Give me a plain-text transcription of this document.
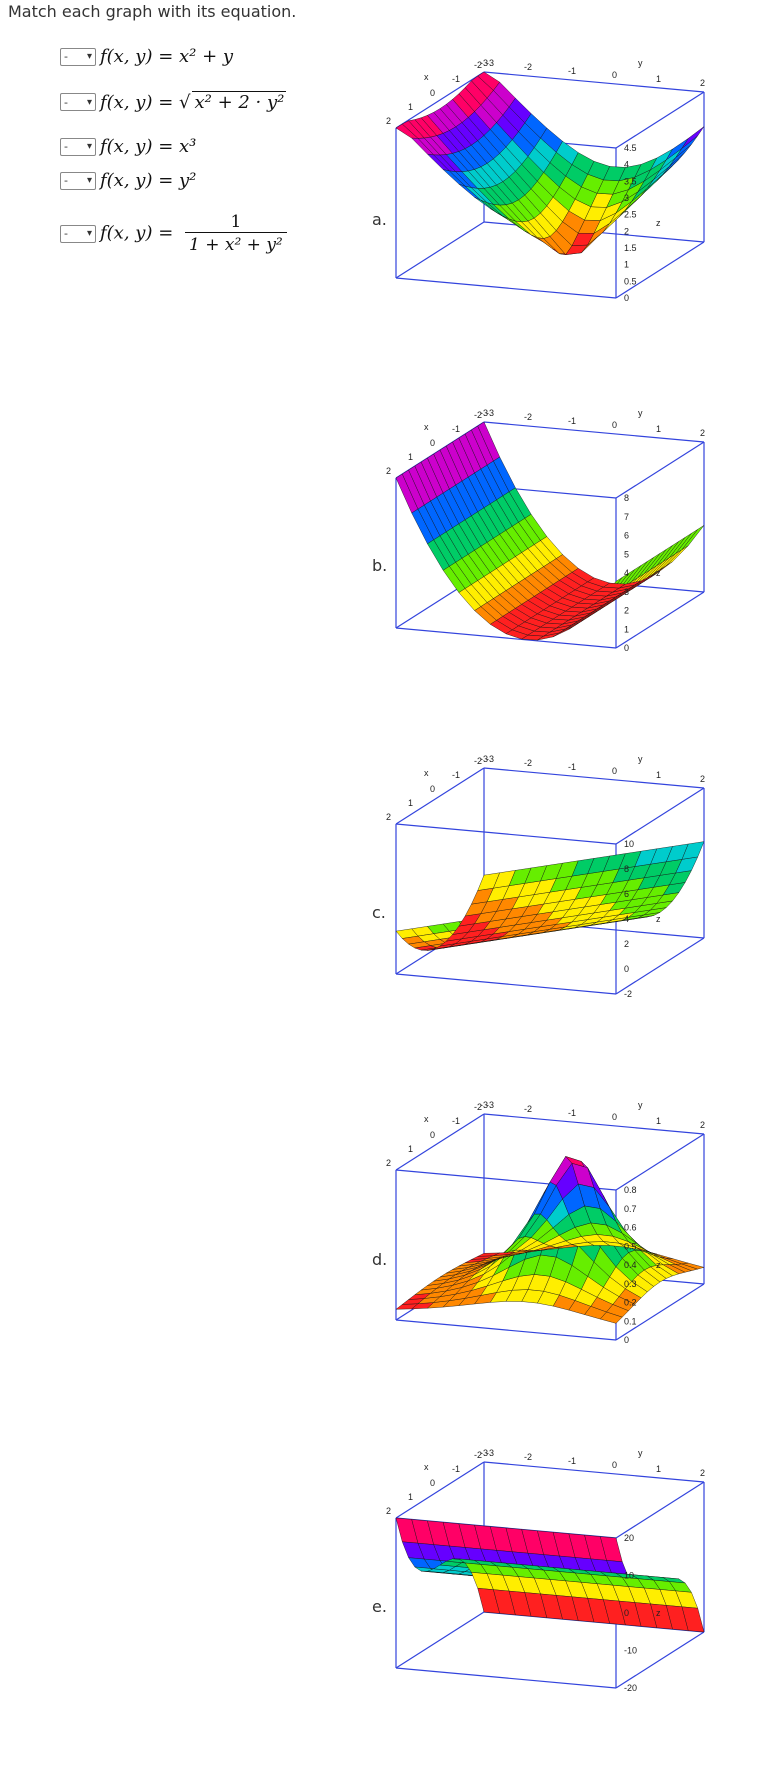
Match each graph with its equation.
- ▾ f(x, y) = x² + y
- ▾ f(x, y) = √ x² + 2 · y²
- ▾ f(x, y) = x³
- ▾ f(x, y) = y²
- ▾ f(x, $y) = \frac{1}{\text{1 + x² + y²}}$	a.
b.
c.
d.
e.
4.5
4
3.5
3
2.5
2
1.5
1
0.5
0
z
-3	-2	-1	0	1	2
y
2
1
0
-1
-2
x
-3
8
7
6
5
4
3
2
1
0
z
-3	-2	-1	0	1	2
y
2
1
0
-1
-2
x
-3
10
8
6
4
2
0
-2
z
-3	-2	-1	0	1	2
y
2
1
0
-1
-2
x
-3
0.8
0.7
0.6
0.5
0.4
0.3
0.2
0.1
0
z
-3	-2	-1	0	1	2
y
2
1
0
-1
-2
x
-3
20
10
0
-10
-20
z
-3	-2	-1	0	1	2
y
2
1
0
-1
-2
x
-3
